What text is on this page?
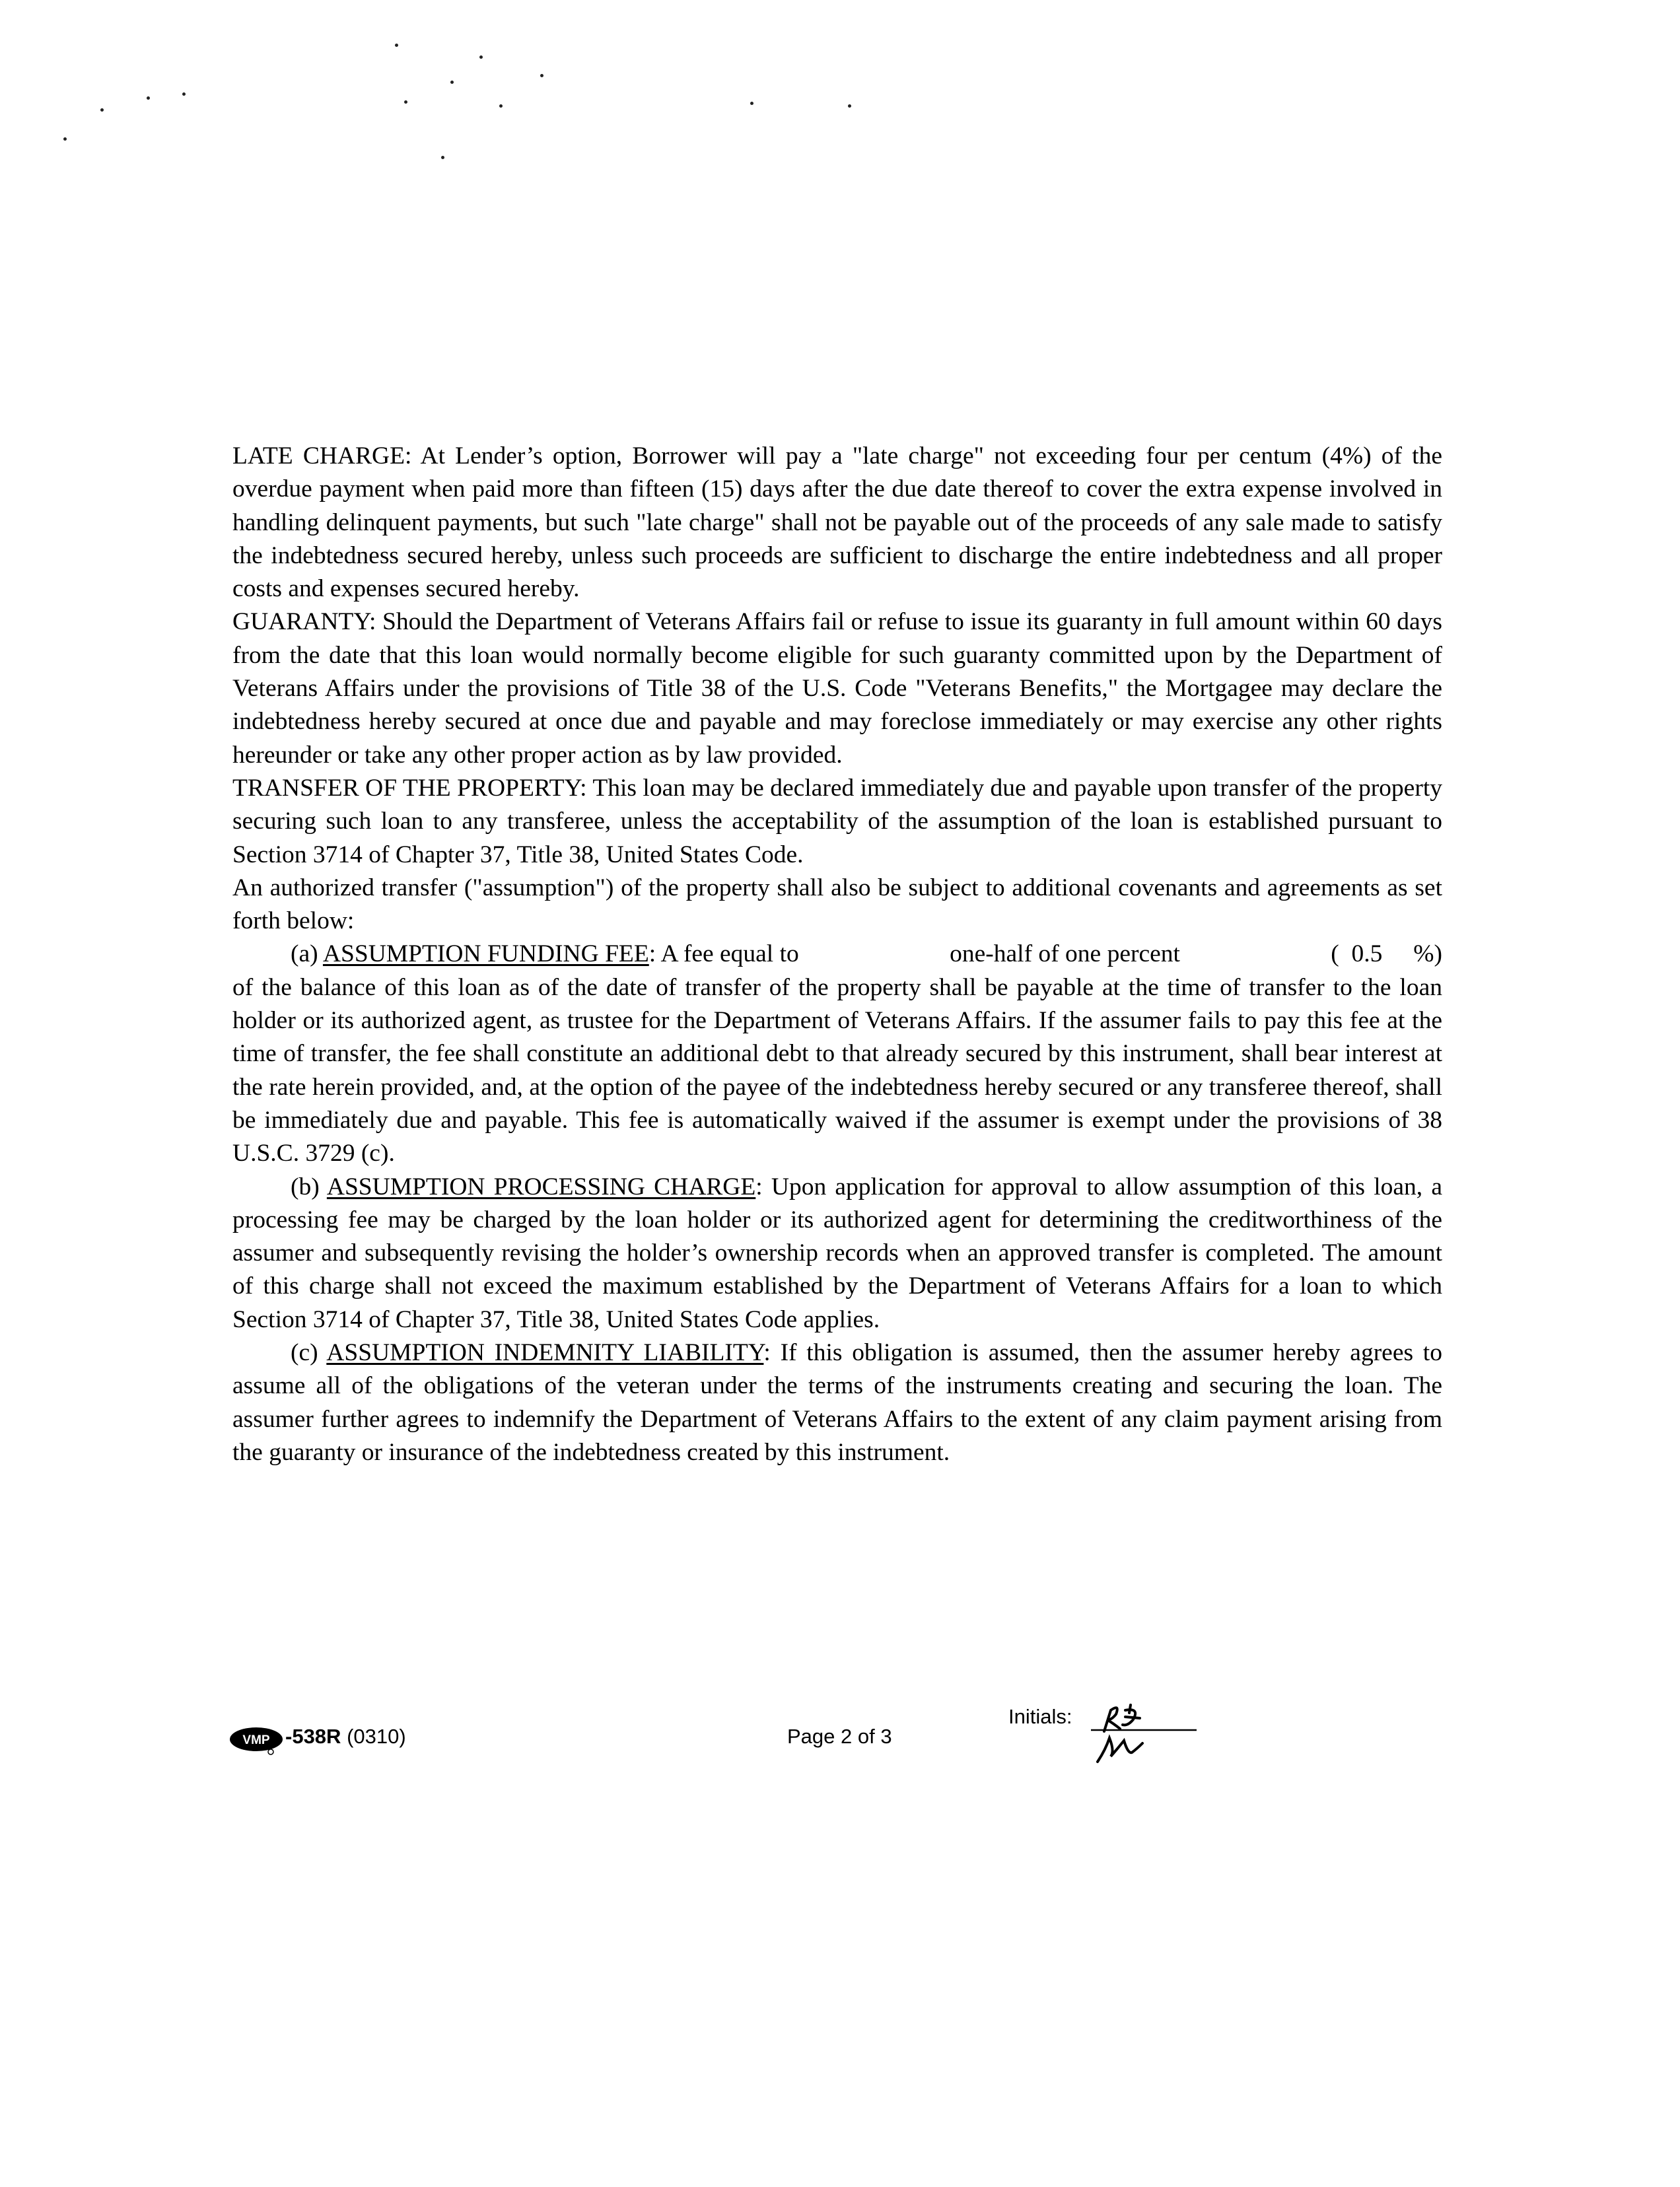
LATE CHARGE: At Lender’s option, Borrower will pay a "late charge" not exceeding four per centum (4%) of the overdue payment when paid more than fifteen (15) days after the due date thereof to cover the extra expense involved in handling delinquent payments, but such "late charge" shall not be payable out of the proceeds of any sale made to satisfy the indebtedness secured hereby, unless such proceeds are sufficient to discharge the entire indebtedness and all proper costs and expenses secured hereby.

GUARANTY: Should the Department of Veterans Affairs fail or refuse to issue its guaranty in full amount within 60 days from the date that this loan would normally become eligible for such guaranty committed upon by the Department of Veterans Affairs under the provisions of Title 38 of the U.S. Code "Veterans Benefits," the Mortgagee may declare the indebtedness hereby secured at once due and payable and may foreclose immediately or may exercise any other rights hereunder or take any other proper action as by law provided.

TRANSFER OF THE PROPERTY: This loan may be declared immediately due and payable upon transfer of the property securing such loan to any transferee, unless the acceptability of the assumption of the loan is established pursuant to Section 3714 of Chapter 37, Title 38, United States Code.

An authorized transfer ("assumption") of the property shall also be subject to additional covenants and agreements as set forth below:

(a) ASSUMPTION FUNDING FEE: A fee equal to	one-half of one percent	(  0.5     %)

of the balance of this loan as of the date of transfer of the property shall be payable at the time of transfer to the loan holder or its authorized agent, as trustee for the Department of Veterans Affairs. If the assumer fails to pay this fee at the time of transfer, the fee shall constitute an additional debt to that already secured by this instrument, shall bear interest at the rate herein provided, and, at the option of the payee of the indebtedness hereby secured or any transferee thereof, shall be immediately due and payable. This fee is automatically waived if the assumer is exempt under the provisions of 38 U.S.C. 3729 (c).

(b) ASSUMPTION PROCESSING CHARGE: Upon application for approval to allow assumption of this loan, a processing fee may be charged by the loan holder or its authorized agent for determining the creditworthiness of the assumer and subsequently revising the holder’s ownership records when an approved transfer is completed. The amount of this charge shall not exceed the maximum established by the Department of Veterans Affairs for a loan to which Section 3714 of Chapter 37, Title 38, United States Code applies.

(c) ASSUMPTION INDEMNITY LIABILITY: If this obligation is assumed, then the assumer hereby agrees to assume all of the obligations of the veteran under the terms of the instruments creating and securing the loan. The assumer further agrees to indemnify the Department of Veterans Affairs to the extent of any claim payment arising from the guaranty or insurance of the indebtedness created by this instrument.

VMP -538R (0310)	Page 2 of 3
Initials:
